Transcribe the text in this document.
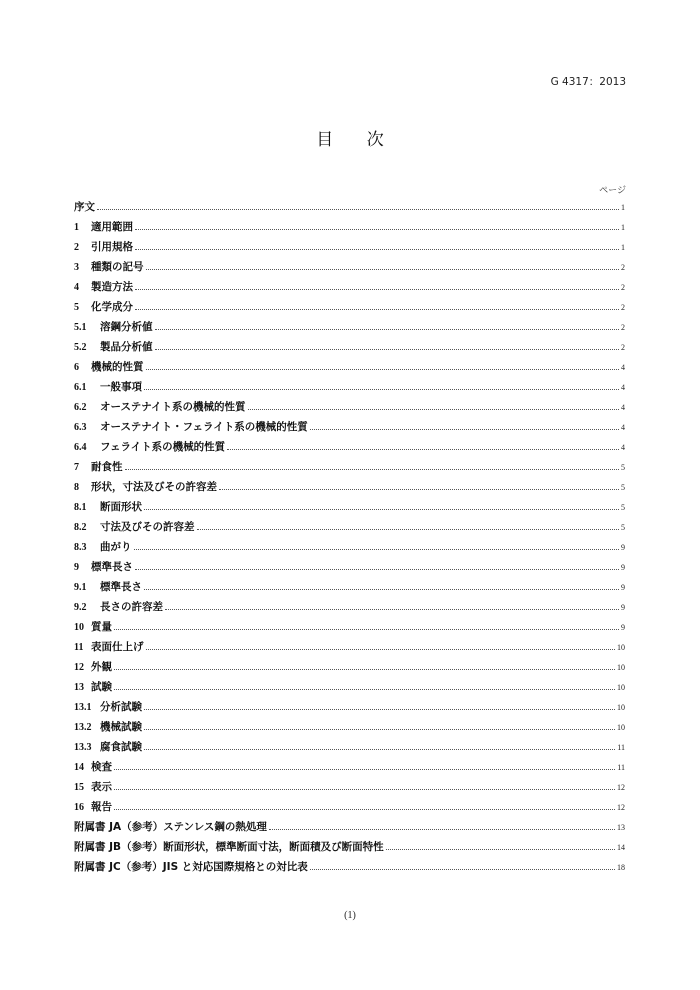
G 4317：2013
目 次
ページ
序文	1
1	適用範囲	1
2	引用規格	1
3	種類の記号	2
4	製造方法	2
5	化学成分	2
5.1	溶鋼分析値	2
5.2	製品分析値	2
6	機械的性質	4
6.1	一般事項	4
6.2	オーステナイト系の機械的性質	4
6.3	オーステナイト・フェライト系の機械的性質	4
6.4	フェライト系の機械的性質	4
7	耐食性	5
8	形状，寸法及びその許容差	5
8.1	断面形状	5
8.2	寸法及びその許容差	5
8.3	曲がり	9
9	標準長さ	9
9.1	標準長さ	9
9.2	長さの許容差	9
10 質量	9
11 表面仕上げ	10
12 外観	10
13 試験	10
13.1 分析試験	10
13.2 機械試験	10
13.3 腐食試験	11
14 検査	11
15 表示	12
16 報告	12
附属書 JA（参考）ステンレス鋼の熱処理	13
附属書 JB（参考）断面形状，標準断面寸法，断面積及び断面特性	14
附属書 JC（参考）JIS と対応国際規格との対比表	18
(1)
